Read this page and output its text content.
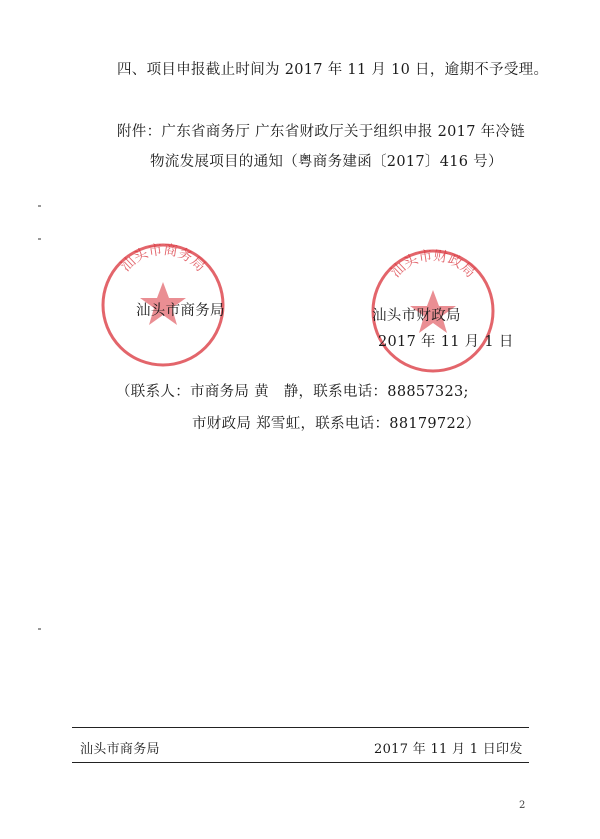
四、项目申报截止时间为 2017 年 11 月 10 日，逾期不予受理。
附件：广东省商务厅 广东省财政厅关于组织申报 2017 年冷链
物流发展项目的通知（粤商务建函〔2017〕416 号）
汕头市商务局	汕头市财政局
汕头市商务局	汕头市财政局
2017 年 11 月 1 日
（联系人：市商务局 黄　静，联系电话：88857323;
市财政局 郑雪虹，联系电话：88179722）
汕头市商务局	2017 年 11 月 1 日印发
2
